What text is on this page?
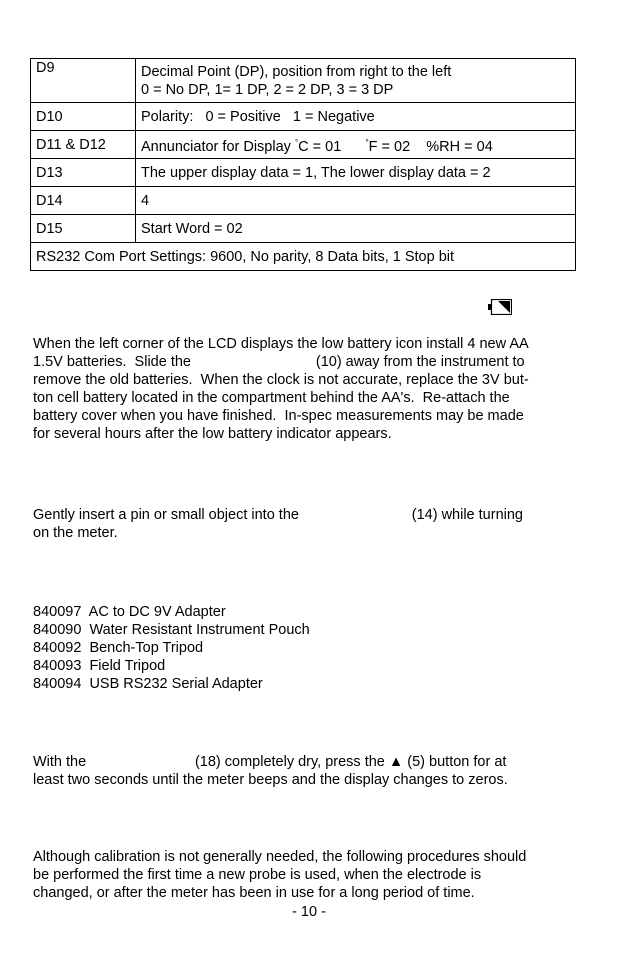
D9	Decimal Point (DP), position from right to the left
0 = No DP, 1= 1 DP, 2 = 2 DP, 3 = 3 DP

D10	Polarity:   0 = Positive   1 = Negative
D11 & D12	Annunciator for Display °C = 01      °F = 02    %RH = 04
D13	The upper display data = 1, The lower display data = 2
D14	4
D15	Start Word = 02
RS232 Com Port Settings: 9600, No parity, 8 Data bits, 1 Stop bit	
When the left corner of the LCD displays the low battery icon install 4 new AA
1.5V batteries.  Slide the                               (10) away from the instrument to
remove the old batteries.  When the clock is not accurate, replace the 3V but-
ton cell battery located in the compartment behind the AA's.  Re-attach the
battery cover when you have finished.  In-spec measurements may be made
for several hours after the low battery indicator appears.
Gently insert a pin or small object into the                            (14) while turning
on the meter.
840097  AC to DC 9V Adapter
840090  Water Resistant Instrument Pouch
840092  Bench-Top Tripod
840093  Field Tripod
840094  USB RS232 Serial Adapter
With the                           (18) completely dry, press the ▲ (5) button for at
least two seconds until the meter beeps and the display changes to zeros.
Although calibration is not generally needed, the following procedures should
be performed the first time a new probe is used, when the electrode is
changed, or after the meter has been in use for a long period of time.
- 10 -
